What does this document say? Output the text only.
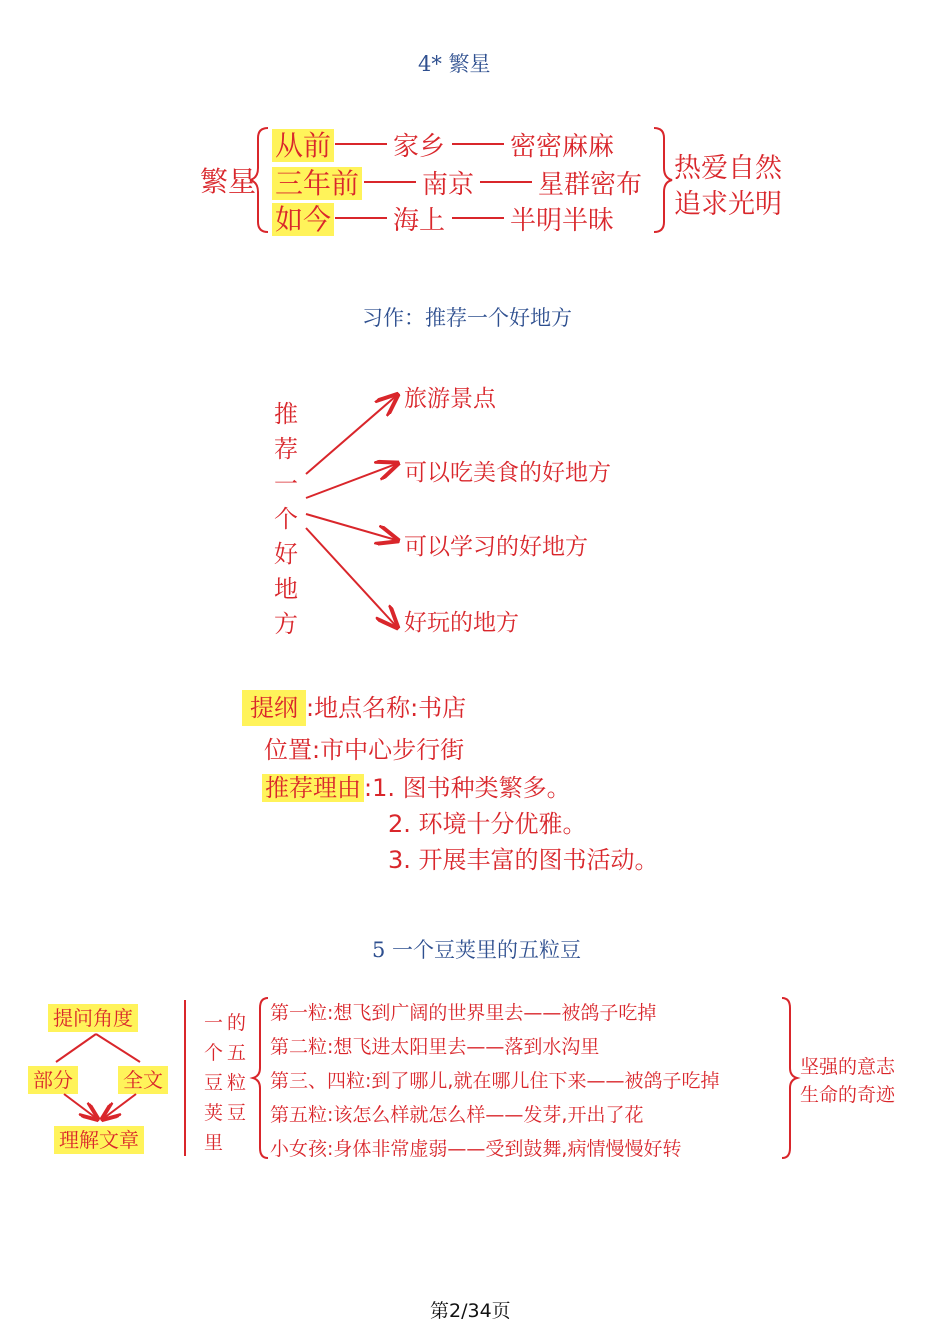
4* 繁星
繁星
从前 家乡 密密麻麻
三年前 南京 星群密布
如今 海上 半明半昧
热爱自然
追求光明
习作：推荐一个好地方
推
荐
一
个
好
地
方
旅游景点
可以吃美食的好地方
可以学习的好地方
好玩的地方
提纲 :地点名称:书店
位置:市中心步行街
推荐理由 :1. 图书种类繁多。
2. 环境十分优雅。
3. 开展丰富的图书活动。
5 一个豆荚里的五粒豆
提问角度
部分	全文
理解文章
一的
个五
豆粒
荚豆
里
第一粒:想飞到广阔的世界里去——被鸽子吃掉
第二粒:想飞进太阳里去——落到水沟里
第三、四粒:到了哪儿,就在哪儿住下来——被鸽子吃掉
第五粒:该怎么样就怎么样——发芽,开出了花
小女孩:身体非常虚弱——受到鼓舞,病情慢慢好转
坚强的意志
生命的奇迹
第2/34页
